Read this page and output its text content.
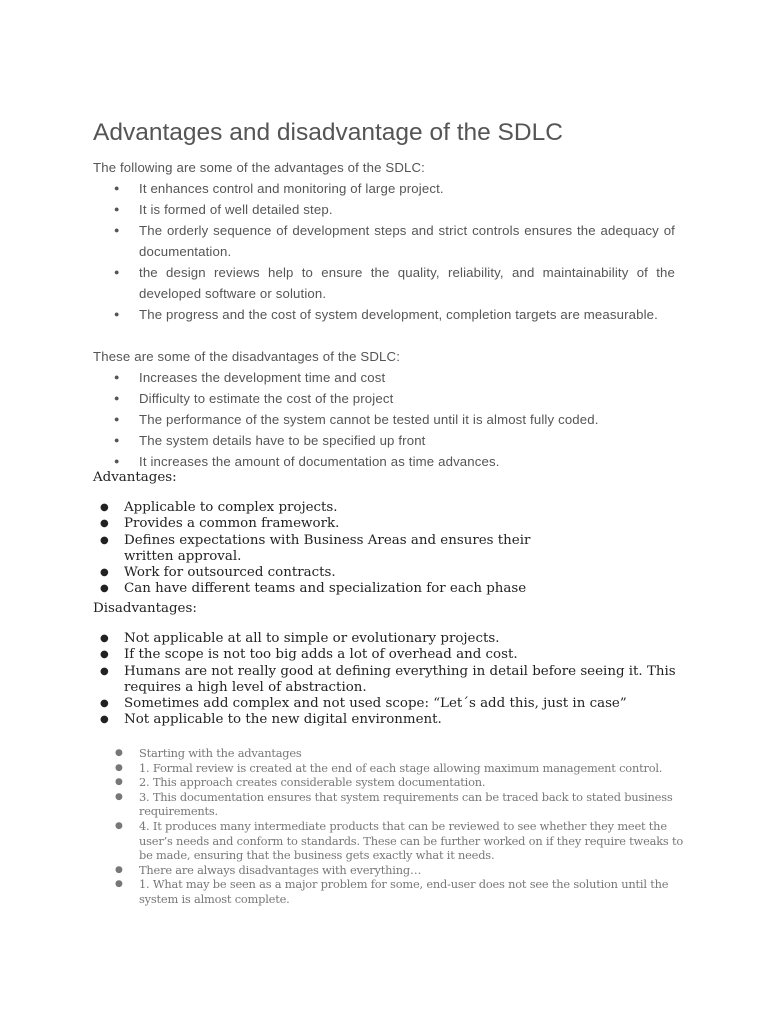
Advantages and disadvantage of the SDLC

The following are some of the advantages of the SDLC:

● It enhances control and monitoring of large project.
● It is formed of well detailed step.
● The orderly sequence of development steps and strict controls ensures the adequacy of documentation.
● the design reviews help to ensure the quality, reliability, and maintainability of the developed software or solution.
● The progress and the cost of system development, completion targets are measurable.

These are some of the disadvantages of the SDLC:

● Increases the development time and cost
● Difficulty to estimate the cost of the project
● The performance of the system cannot be tested until it is almost fully coded.
● The system details have to be specified up front
● It increases the amount of documentation as time advances.

Advantages:

● Applicable to complex projects.
● Provides a common framework.
● Defines expectations with Business Areas and ensures their written approval.
● Work for outsourced contracts.
● Can have different teams and specialization for each phase

Disadvantages:

● Not applicable at all to simple or evolutionary projects.
● If the scope is not too big adds a lot of overhead and cost.
● Humans are not really good at defining everything in detail before seeing it. This requires a high level of abstraction.
● Sometimes add complex and not used scope: “Let´s add this, just in case”
● Not applicable to the new digital environment.
● Starting with the advantages
● 1. Formal review is created at the end of each stage allowing maximum management control.
● 2. This approach creates considerable system documentation.
● 3. This documentation ensures that system requirements can be traced back to stated business requirements.
● 4. It produces many intermediate products that can be reviewed to see whether they meet the user’s needs and conform to standards. These can be further worked on if they require tweaks to be made, ensuring that the business gets exactly what it needs.
● There are always disadvantages with everything…
● 1. What may be seen as a major problem for some, end-user does not see the solution until the system is almost complete.
